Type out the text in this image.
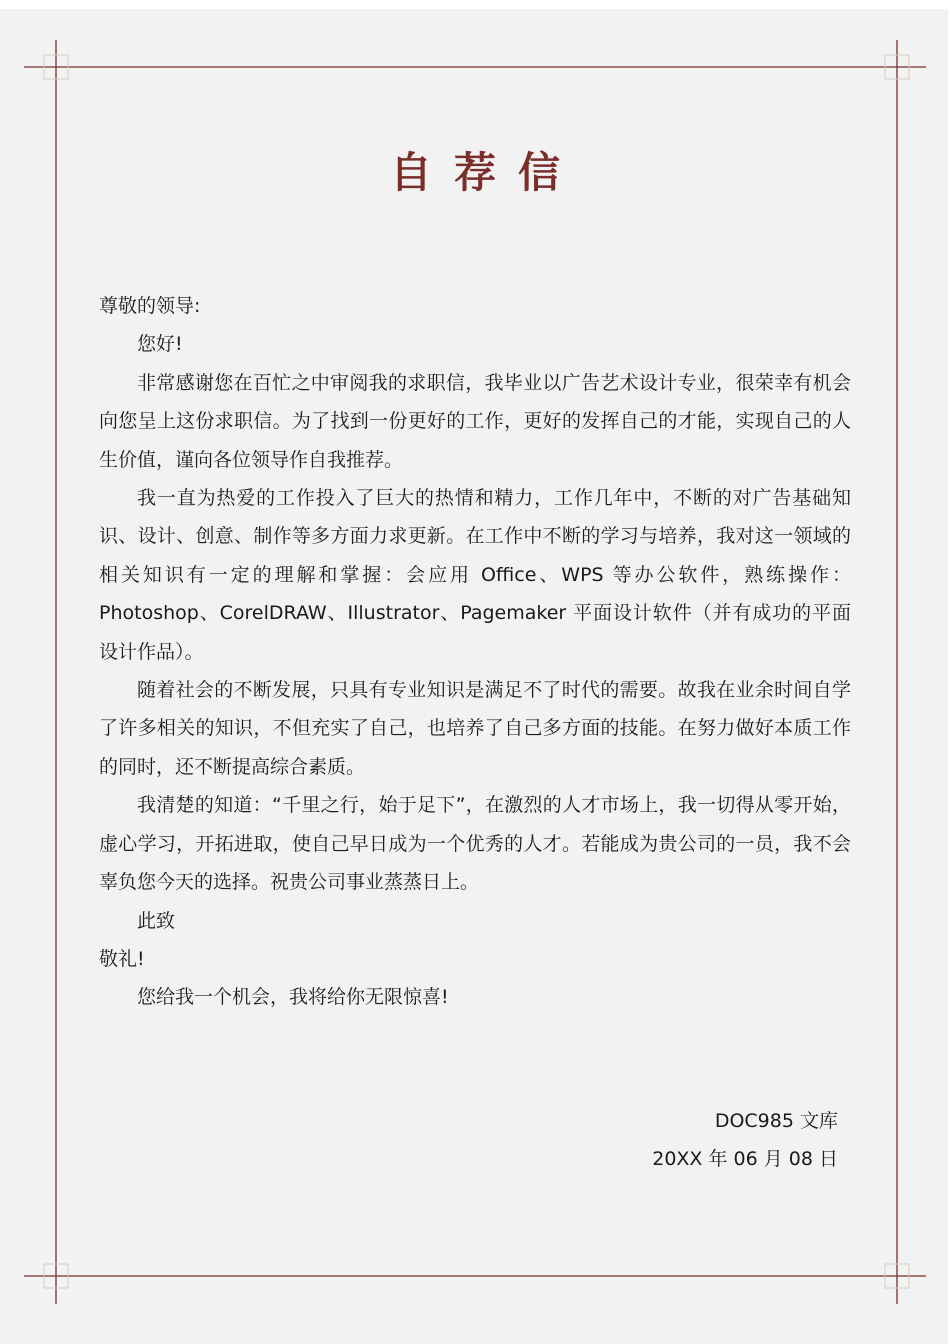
自荐信

尊敬的领导:

您好!

非常感谢您在百忙之中审阅我的求职信，我毕业以广告艺术设计专业，很荣幸有机会向您呈上这份求职信。为了找到一份更好的工作，更好的发挥自己的才能，实现自己的人生价值，谨向各位领导作自我推荐。

我一直为热爱的工作投入了巨大的热情和精力，工作几年中，不断的对广告基础知识、设计、创意、制作等多方面力求更新。在工作中不断的学习与培养，我对这一领域的相关知识有一定的理解和掌握：会应用 Office、WPS 等办公软件，熟练操作：Photoshop、CorelDRAW、Illustrator、Pagemaker 平面设计软件（并有成功的平面设计作品）。

随着社会的不断发展，只具有专业知识是满足不了时代的需要。故我在业余时间自学了许多相关的知识，不但充实了自己，也培养了自己多方面的技能。在努力做好本质工作的同时，还不断提高综合素质。

我清楚的知道：“千里之行，始于足下”，在激烈的人才市场上，我一切得从零开始，虚心学习，开拓进取，使自己早日成为一个优秀的人才。若能成为贵公司的一员，我不会辜负您今天的选择。祝贵公司事业蒸蒸日上。

此致

敬礼!

您给我一个机会，我将给你无限惊喜!

DOC985 文库
20XX 年 06 月 08 日
